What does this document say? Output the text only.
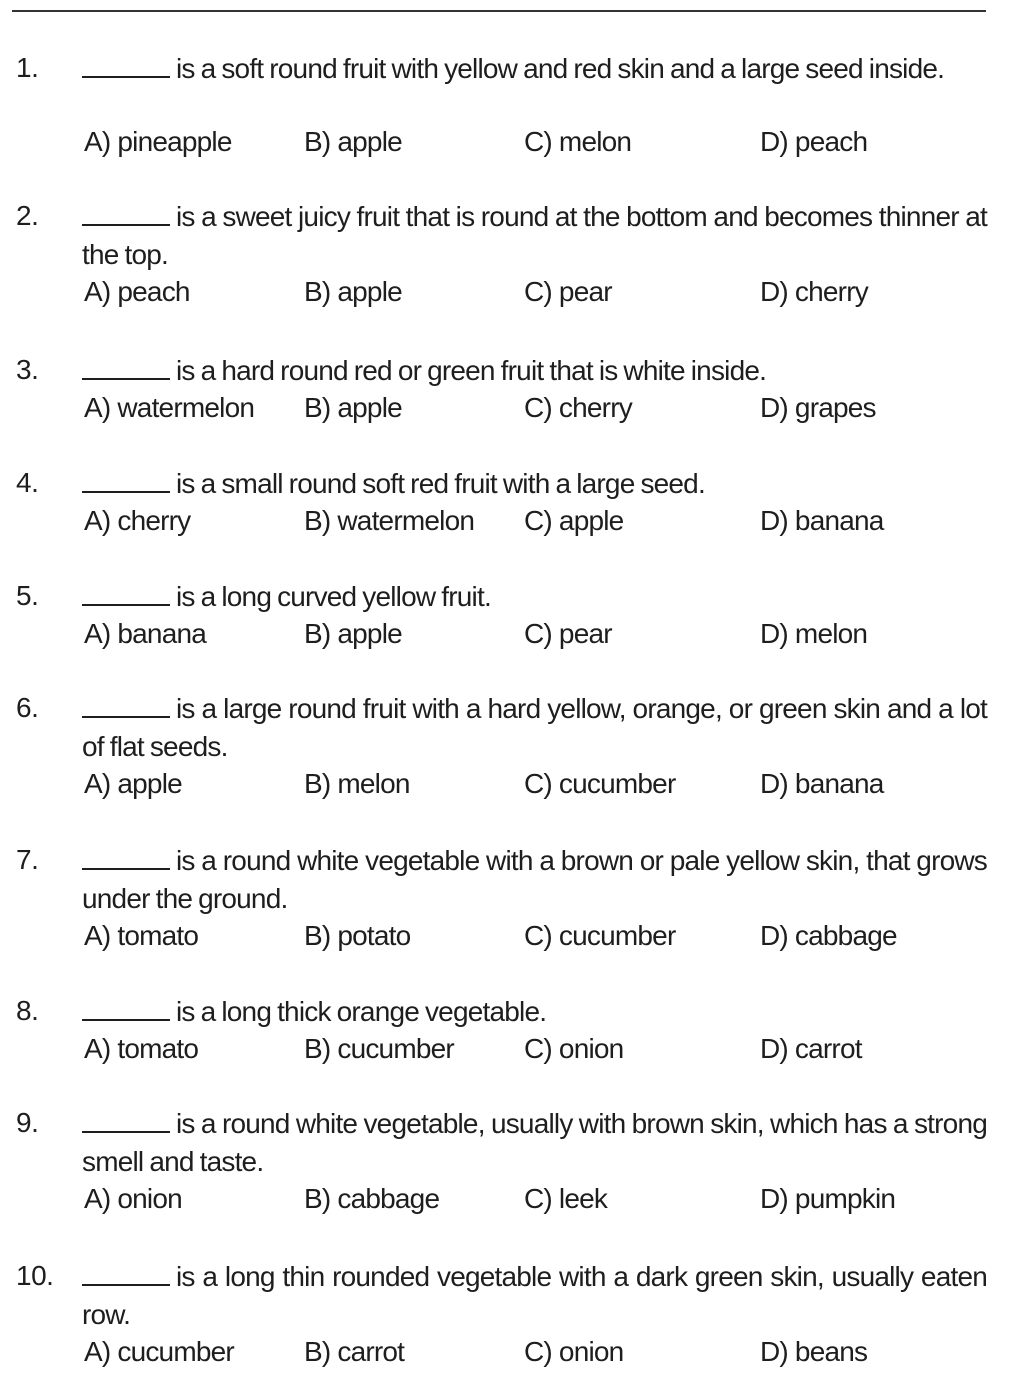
1.	is a soft round fruit with yellow and red skin and a large seed inside.
A) pineapple	B) apple	C) melon	D) peach
2.	is a sweet juicy fruit that is round at the bottom and becomes thinner at the top.
A) peach	B) apple	C) pear	D) cherry
3.	is a hard round red or green fruit that is white inside.
A) watermelon B) apple	C) cherry	D) grapes
4.	is a small round soft red fruit with a large seed.
A) cherry	B) watermelon C) apple	D) banana
5.	is a long curved yellow fruit.
A) banana	B) apple	C) pear	D) melon
6.	is a large round fruit with a hard yellow, orange, or green skin and a lot of flat seeds.
A) apple	B) melon	C) cucumber	D) banana
7.	is a round white vegetable with a brown or pale yellow skin, that grows under the ground.
A) tomato	B) potato	C) cucumber	D) cabbage
8.	is a long thick orange vegetable.
A) tomato	B) cucumber	C) onion	D) carrot
9.	is a round white vegetable, usually with brown skin, which has a strong smell and taste.
A) onion	B) cabbage	C) leek	D) pumpkin
10.	is a long thin rounded vegetable with a dark green skin, usually eaten row.
A) cucumber	B) carrot	C) onion	D) beans
